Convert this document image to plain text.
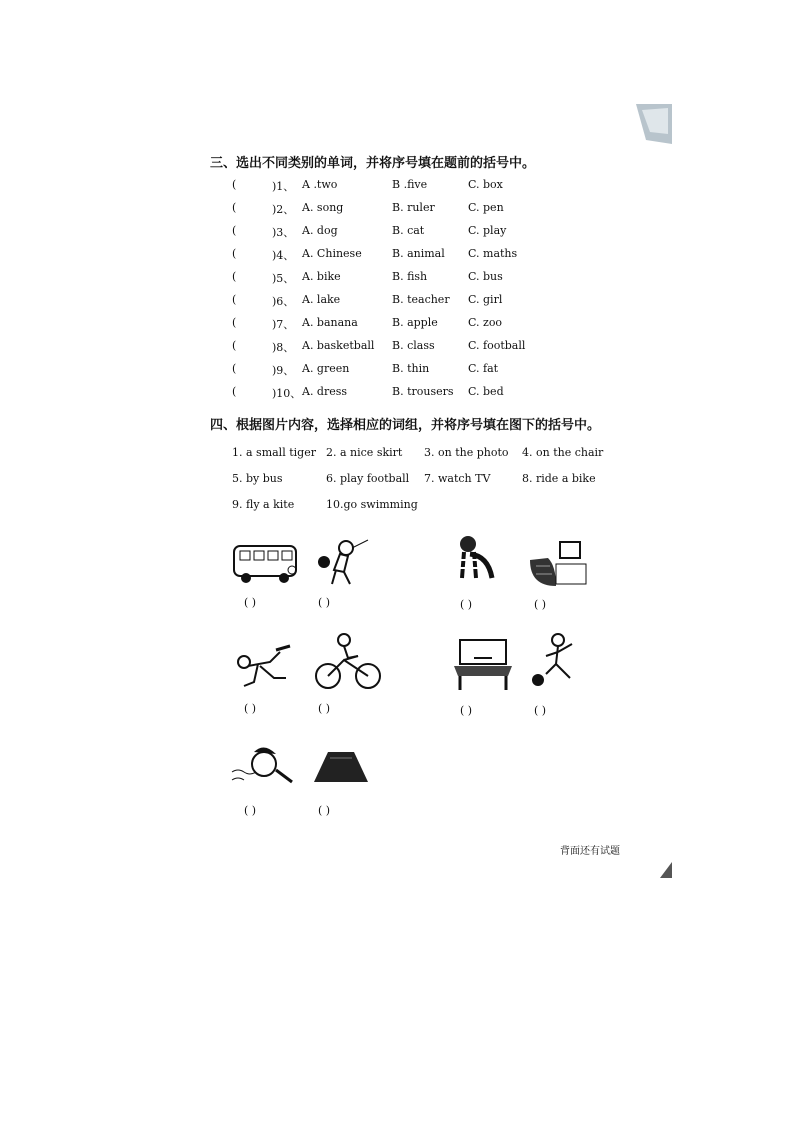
三、选出不同类别的单词，并将序号填在题前的括号中。
(	)1、 A .two	B .five	C. box
(	)2、 A. song	B. ruler	C. pen
(	)3、 A. dog	B. cat	C. play
(	)4、 A. Chinese	B. animal C. maths
(	)5、 A. bike	B. fish	C. bus
(	)6、 A. lake	B. teacher C. girl
(	)7、 A. banana	B. apple	C. zoo
(	)8、 A. basketball B. class	C. football
(	)9、 A. green	B. thin	C. fat
(	)10、 A. dress	B. trousers C. bed
四、根据图片内容，选择相应的词组，并将序号填在图下的括号中。
1. a small tiger 2. a nice skirt 3. on the photo 4. on the chair
5. by bus	6. play football 7. watch TV	8. ride a bike
9. fly a kite	10.go swimming
( )	( )	( )	( )
( )	( )	( )	( )
( )	( )
背面还有试题
